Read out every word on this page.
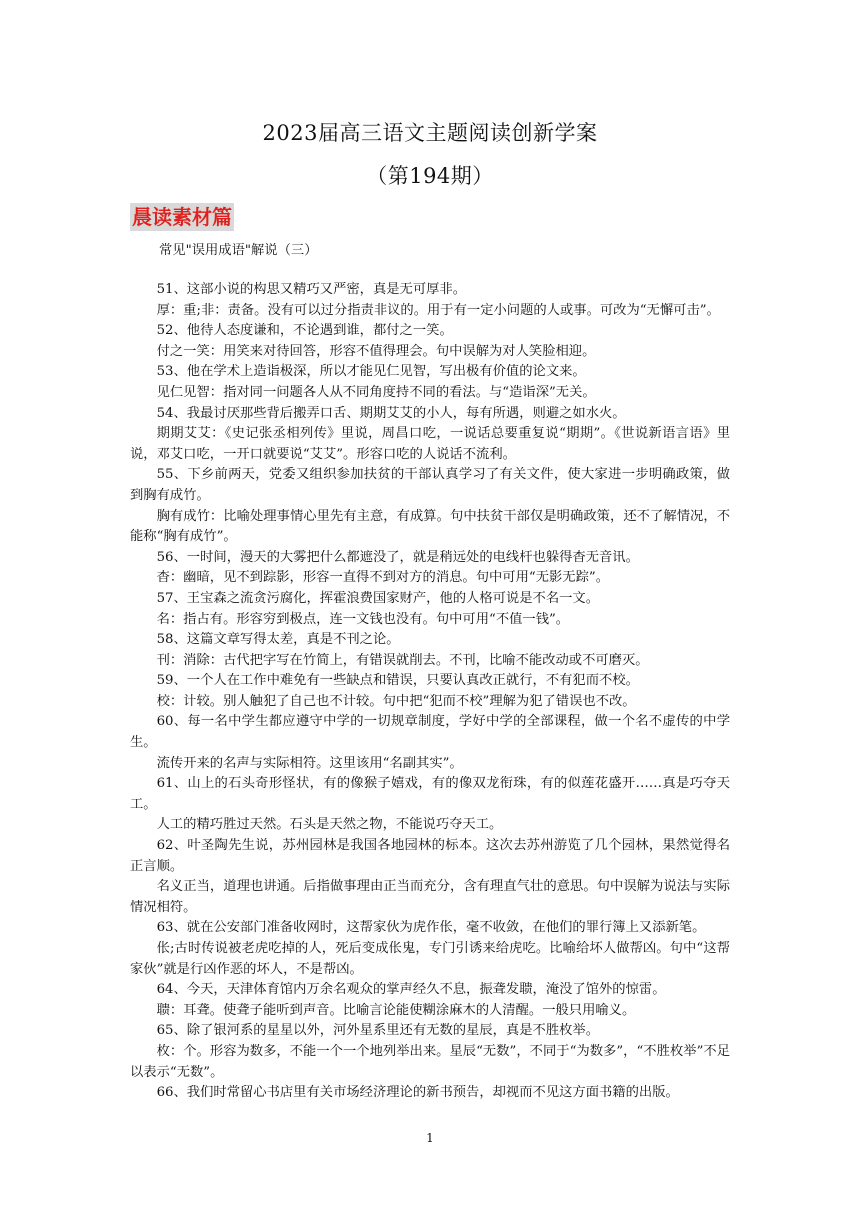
2023届高三语文主题阅读创新学案
（第194期）
晨读素材篇
常见"误用成语"解说（三）

51、这部小说的构思又精巧又严密，真是无可厚非。

厚：重;非：责备。没有可以过分指责非议的。用于有一定小问题的人或事。可改为“无懈可击”。

52、他待人态度谦和，不论遇到谁，都付之一笑。

付之一笑：用笑来对待回答，形容不值得理会。句中误解为对人笑脸相迎。

53、他在学术上造诣极深，所以才能见仁见智，写出极有价值的论文来。

见仁见智：指对同一问题各人从不同角度持不同的看法。与“造诣深”无关。

54、我最讨厌那些背后搬弄口舌、期期艾艾的小人，每有所遇，则避之如水火。

期期艾艾：《史记张丞相列传》里说，周昌口吃，一说话总要重复说“期期”。《世说新语言语》里说，邓艾口吃，一开口就要说“艾艾”。形容口吃的人说话不流利。

55、下乡前两天，党委又组织参加扶贫的干部认真学习了有关文件，使大家进一步明确政策，做到胸有成竹。

胸有成竹：比喻处理事情心里先有主意，有成算。句中扶贫干部仅是明确政策，还不了解情况，不能称“胸有成竹”。

56、一时间，漫天的大雾把什么都遮没了，就是稍远处的电线杆也躲得杳无音讯。

杳：幽暗，见不到踪影，形容一直得不到对方的消息。句中可用“无影无踪”。

57、王宝森之流贪污腐化，挥霍浪费国家财产，他的人格可说是不名一文。

名：指占有。形容穷到极点，连一文钱也没有。句中可用“不值一钱”。

58、这篇文章写得太差，真是不刊之论。

刊：消除：古代把字写在竹简上，有错误就削去。不刊，比喻不能改动或不可磨灭。

59、一个人在工作中难免有一些缺点和错误，只要认真改正就行，不有犯而不校。

校：计较。别人触犯了自己也不计较。句中把“犯而不校”理解为犯了错误也不改。

60、每一名中学生都应遵守中学的一切规章制度，学好中学的全部课程，做一个名不虚传的中学生。

流传开来的名声与实际相符。这里该用“名副其实”。

61、山上的石头奇形怪状，有的像猴子嬉戏，有的像双龙衔珠，有的似莲花盛开……真是巧夺天工。

人工的精巧胜过天然。石头是天然之物，不能说巧夺天工。

62、叶圣陶先生说，苏州园林是我国各地园林的标本。这次去苏州游览了几个园林，果然觉得名正言顺。

名义正当，道理也讲通。后指做事理由正当而充分，含有理直气壮的意思。句中误解为说法与实际情况相符。

63、就在公安部门准备收网时，这帮家伙为虎作伥，毫不收敛，在他们的罪行簿上又添新笔。

伥;古时传说被老虎吃掉的人，死后变成伥鬼，专门引诱来给虎吃。比喻给坏人做帮凶。句中“这帮家伙”就是行凶作恶的坏人，不是帮凶。

64、今天，天津体育馆内万余名观众的掌声经久不息，振聋发聩，淹没了馆外的惊雷。

聩：耳聋。使聋子能听到声音。比喻言论能使糊涂麻木的人清醒。一般只用喻义。

65、除了银河系的星星以外，河外星系里还有无数的星辰，真是不胜枚举。

枚：个。形容为数多，不能一个一个地列举出来。星辰“无数”，不同于“为数多”，“不胜枚举”不足以表示“无数”。

66、我们时常留心书店里有关市场经济理论的新书预告，却视而不见这方面书籍的出版。

1
